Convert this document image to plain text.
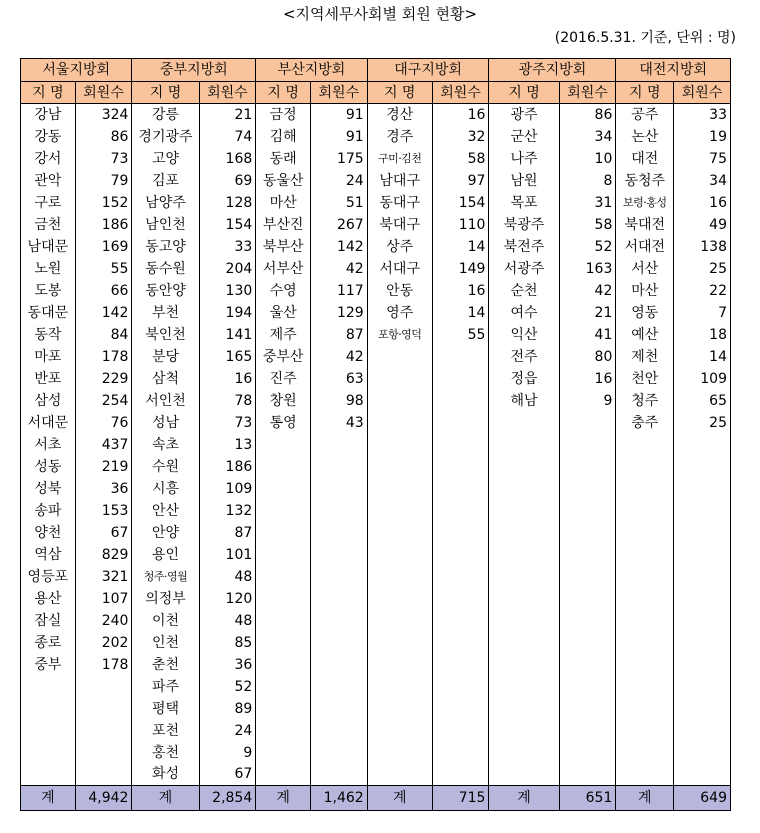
<지역세무사회별 회원 현황>
(2016.5.31. 기준, 단위 : 명)
서울지방회		중부지방회		부산지방회		대구지방회		광주지방회		대전지방회	
지 명	회원수	지 명	회원수	지 명	회원수	지 명	회원수	지 명	회원수	지 명	회원수
강남	324	강릉	21	금정	91	경산	16	광주	86	공주	33
강동	86	경기광주	74	김해	91	경주	32	군산	34	논산	19
강서	73	고양	168	동래	175	구미·김천	58	나주	10	대전	75
관악	79	김포	69	동울산	24	남대구	97	남원	8	동청주	34
구로	152	남양주	128	마산	51	동대구	154	목포	31	보령·홍성	16
금천	186	남인천	154	부산진	267	북대구	110	북광주	58	북대전	49
남대문	169	동고양	33	북부산	142	상주	14	북전주	52	서대전	138
노원	55	동수원	204	서부산	42	서대구	149	서광주	163	서산	25
도봉	66	동안양	130	수영	117	안동	16	순천	42	마산	22
동대문	142	부천	194	울산	129	영주	14	여수	21	영동	7
동작	84	북인천	141	제주	87	포항·영덕	55	익산	41	예산	18
마포	178	분당	165	중부산	42			전주	80	제천	14
반포	229	삼척	16	진주	63			정읍	16	천안	109
삼성	254	서인천	78	창원	98			해남	9	청주	65
서대문	76	성남	73	통영	43					충주	25
서초	437	속초	13								
성동	219	수원	186								
성북	36	시흥	109								
송파	153	안산	132								
양천	67	안양	87								
역삼	829	용인	101								
영등포	321	청주·영월	48								
용산	107	의정부	120								
잠실	240	이천	48								
종로	202	인천	85								
중부	178	춘천	36								
		파주	52								
		평택	89								
		포천	24								
		홍천	9								
		화성	67								
계	4,942	계	2,854	계	1,462	계	715	계	651	계	649
